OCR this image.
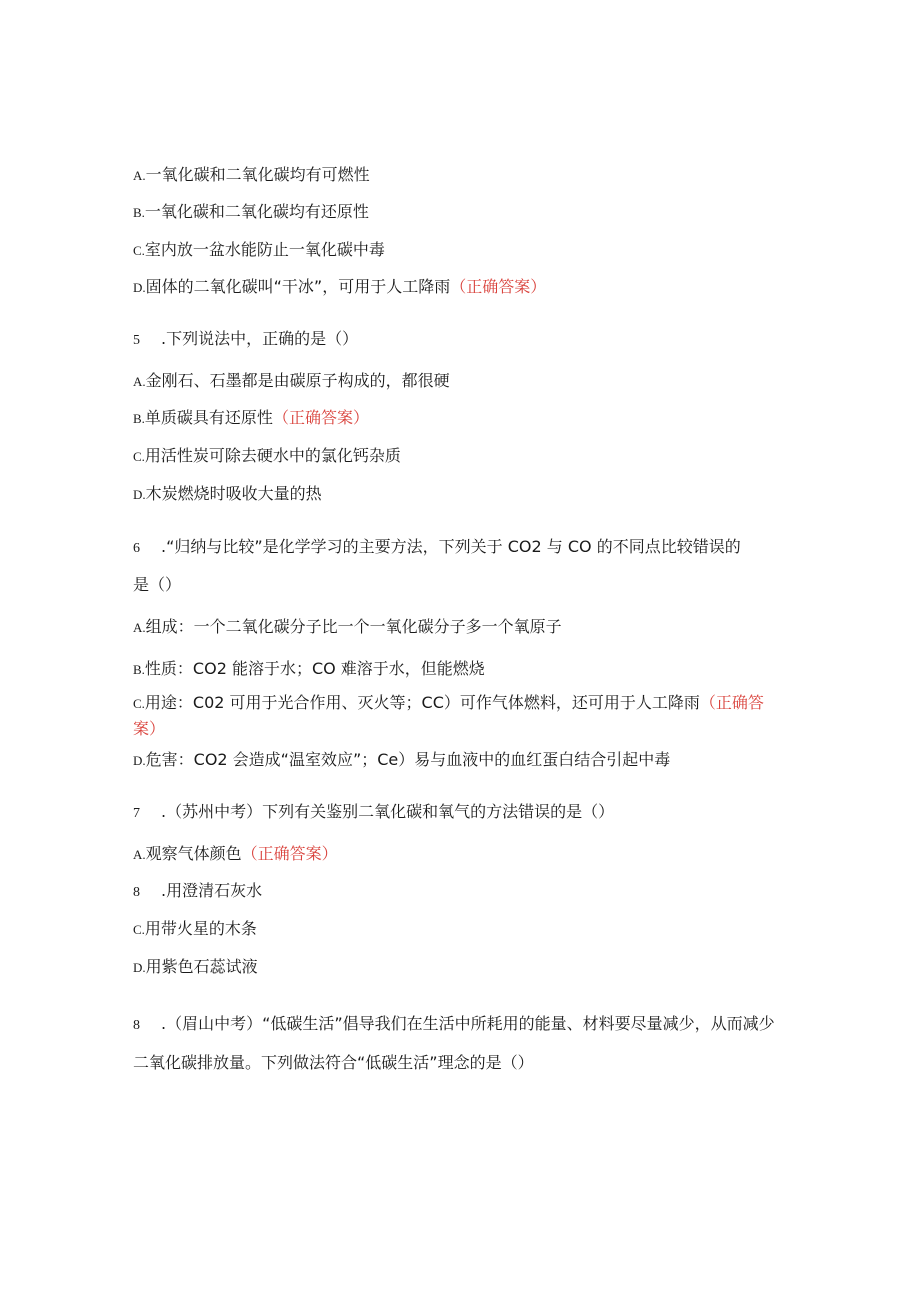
A.一氧化碳和二氧化碳均有可燃性
B.一氧化碳和二氧化碳均有还原性
C.室内放一盆水能防止一氧化碳中毒
D.固体的二氧化碳叫“干冰”，可用于人工降雨（正确答案）
5 .下列说法中，正确的是（）
A.金刚石、石墨都是由碳原子构成的，都很硬
B.单质碳具有还原性（正确答案）
C.用活性炭可除去硬水中的氯化钙杂质
D.木炭燃烧时吸收大量的热
6 .“归纳与比较”是化学学习的主要方法，下列关于 CO2 与 CO 的不同点比较错误的
是（）
A.组成：一个二氧化碳分子比一个一氧化碳分子多一个氧原子
B.性质：CO2 能溶于水；CO 难溶于水，但能燃烧
C.用途：C02 可用于光合作用、灭火等；CC）可作气体燃料，还可用于人工降雨（正确答案）
D.危害：CO2 会造成“温室效应”；Ce）易与血液中的血红蛋白结合引起中毒
7 .（苏州中考）下列有关鉴别二氧化碳和氧气的方法错误的是（）
A.观察气体颜色（正确答案）
8 .用澄清石灰水
C.用带火星的木条
D.用紫色石蕊试液
8 .（眉山中考）“低碳生活”倡导我们在生活中所耗用的能量、材料要尽量减少，从而减少二氧化碳排放量。下列做法符合“低碳生活”理念的是（）
